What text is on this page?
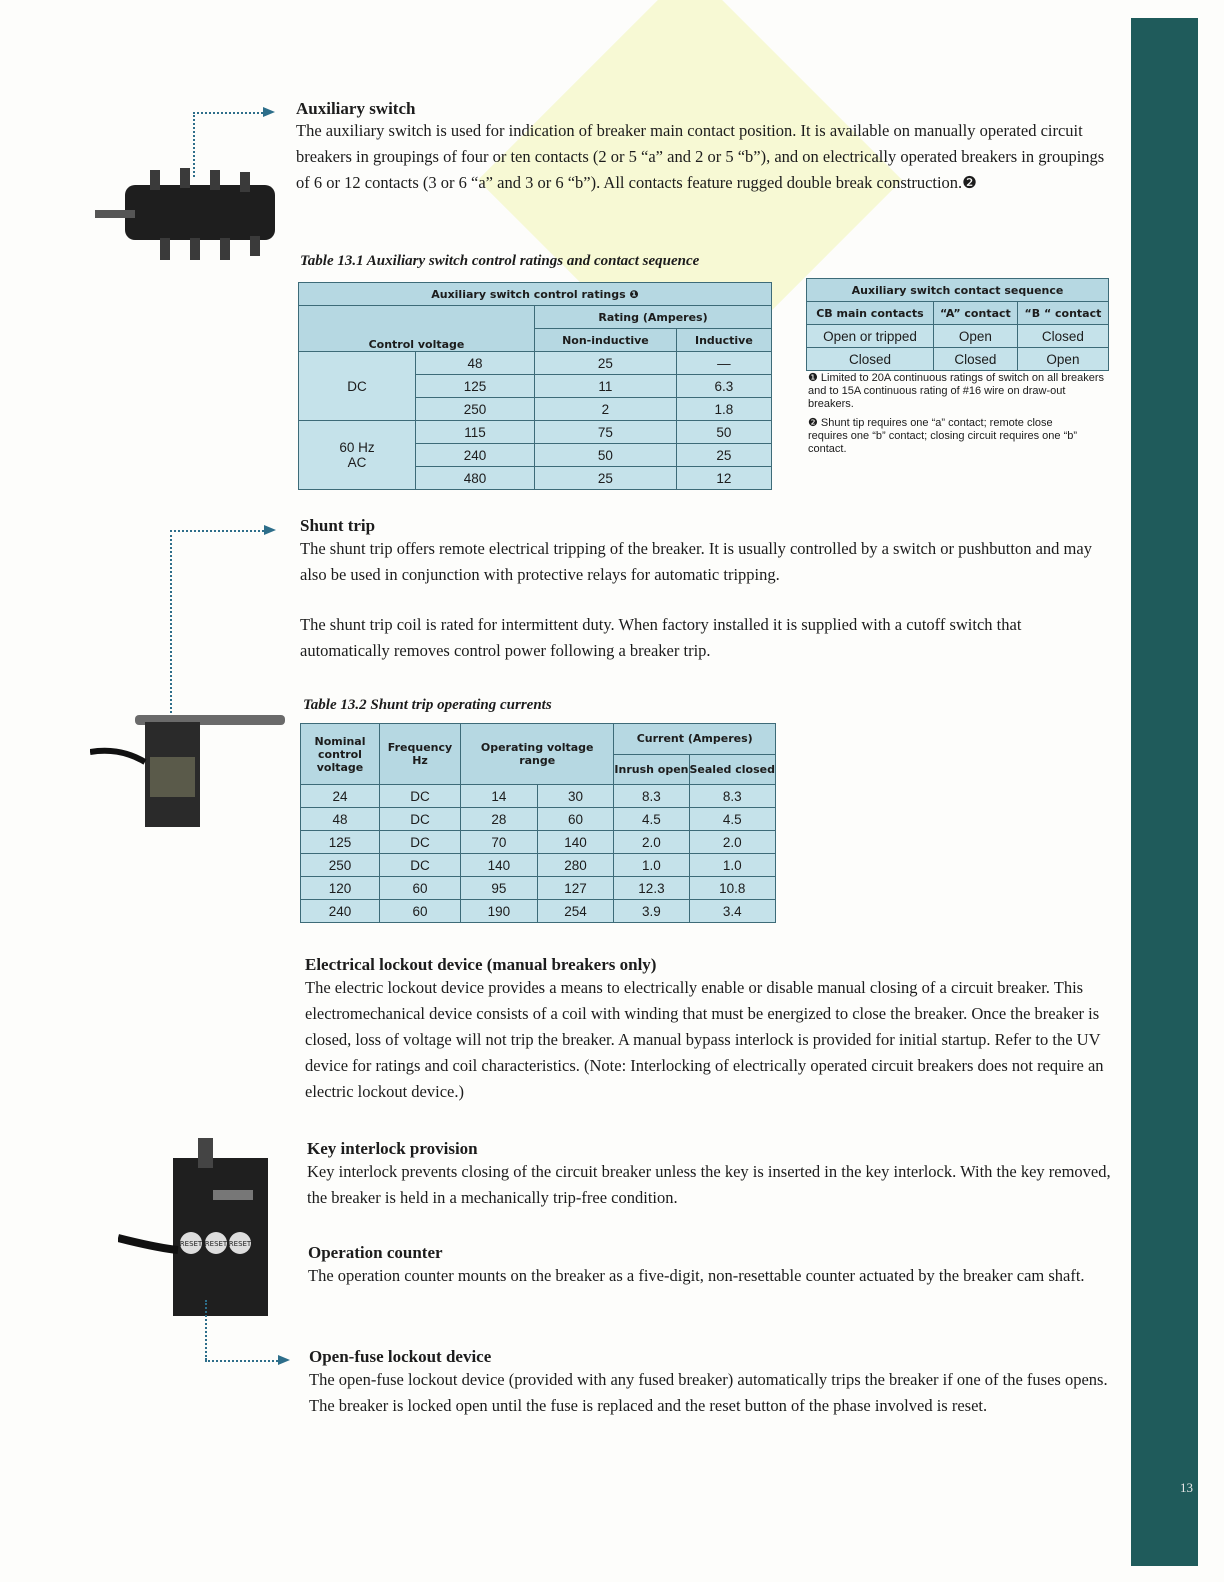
13
Auxiliary switch
The auxiliary switch is used for indication of breaker main contact position. It is available on manually operated circuit breakers in groupings of four or ten contacts (2 or 5 “a” and 2 or 5 “b”), and on electrically operated breakers in groupings of 6 or 12 contacts (3 or 6 “a” and 3 or 6 “b”). All contacts feature rugged double break construction.❷
Table 13.1 Auxiliary switch control ratings and contact sequence
Auxiliary switch control ratings ❶			
Control voltage		Rating (Amperes)	
		Non-inductive	Inductive
DC	48	25	—
	125	11	6.3
	250	2	1.8

60 Hz
AC	115	75	50
	240	50	25
	480	25	12
Auxiliary switch contact sequence		
CB main contacts	“A” contact	“B “ contact
Open or tripped	Open	Closed
Closed	Closed	Open
❶ Limited to 20A continuous ratings of switch on all breakers and to 15A continuous rating of #16 wire on draw-out breakers.
❷ Shunt tip requires one “a” contact; remote close requires one “b” contact; closing circuit requires one “b” contact.
Shunt trip
The shunt trip offers remote electrical tripping of the breaker. It is usually controlled by a switch or pushbutton and may also be used in conjunction with protective relays for automatic tripping.
The shunt trip coil is rated for intermittent duty. When factory installed it is supplied with a cutoff switch that automatically removes control power following a breaker trip.
Table 13.2 Shunt trip operating currents
Nominal control voltage	Frequency Hz	Operating voltage range		Current (Amperes)	
				Inrush open	Sealed closed
24	DC	14	30	8.3	8.3
48	DC	28	60	4.5	4.5
125	DC	70	140	2.0	2.0
250	DC	140	280	1.0	1.0
120	60	95	127	12.3	10.8
240	60	190	254	3.9	3.4
Electrical lockout device (manual breakers only)
The electric lockout device provides a means to electrically enable or disable manual closing of a circuit breaker. This electromechanical device consists of a coil with winding that must be energized to close the breaker. Once the breaker is closed, loss of voltage will not trip the breaker. A manual bypass interlock is provided for initial startup. Refer to the UV device for ratings and coil characteristics. (Note: Interlocking of electrically operated circuit breakers does not require an electric lockout device.)
Key interlock provision
Key interlock prevents closing of the circuit breaker unless the key is inserted in the key interlock. With the key removed, the breaker is held in a mechanically trip-free condition.
Operation counter
The operation counter mounts on the breaker as a five-digit, non-resettable counter actuated by the breaker cam shaft.
Open-fuse lockout device
The open-fuse lockout device (provided with any fused breaker) automatically trips the breaker if one of the fuses opens. The breaker is locked open until the fuse is replaced and the reset button of the phase involved is reset.
RESET RESET RESET
